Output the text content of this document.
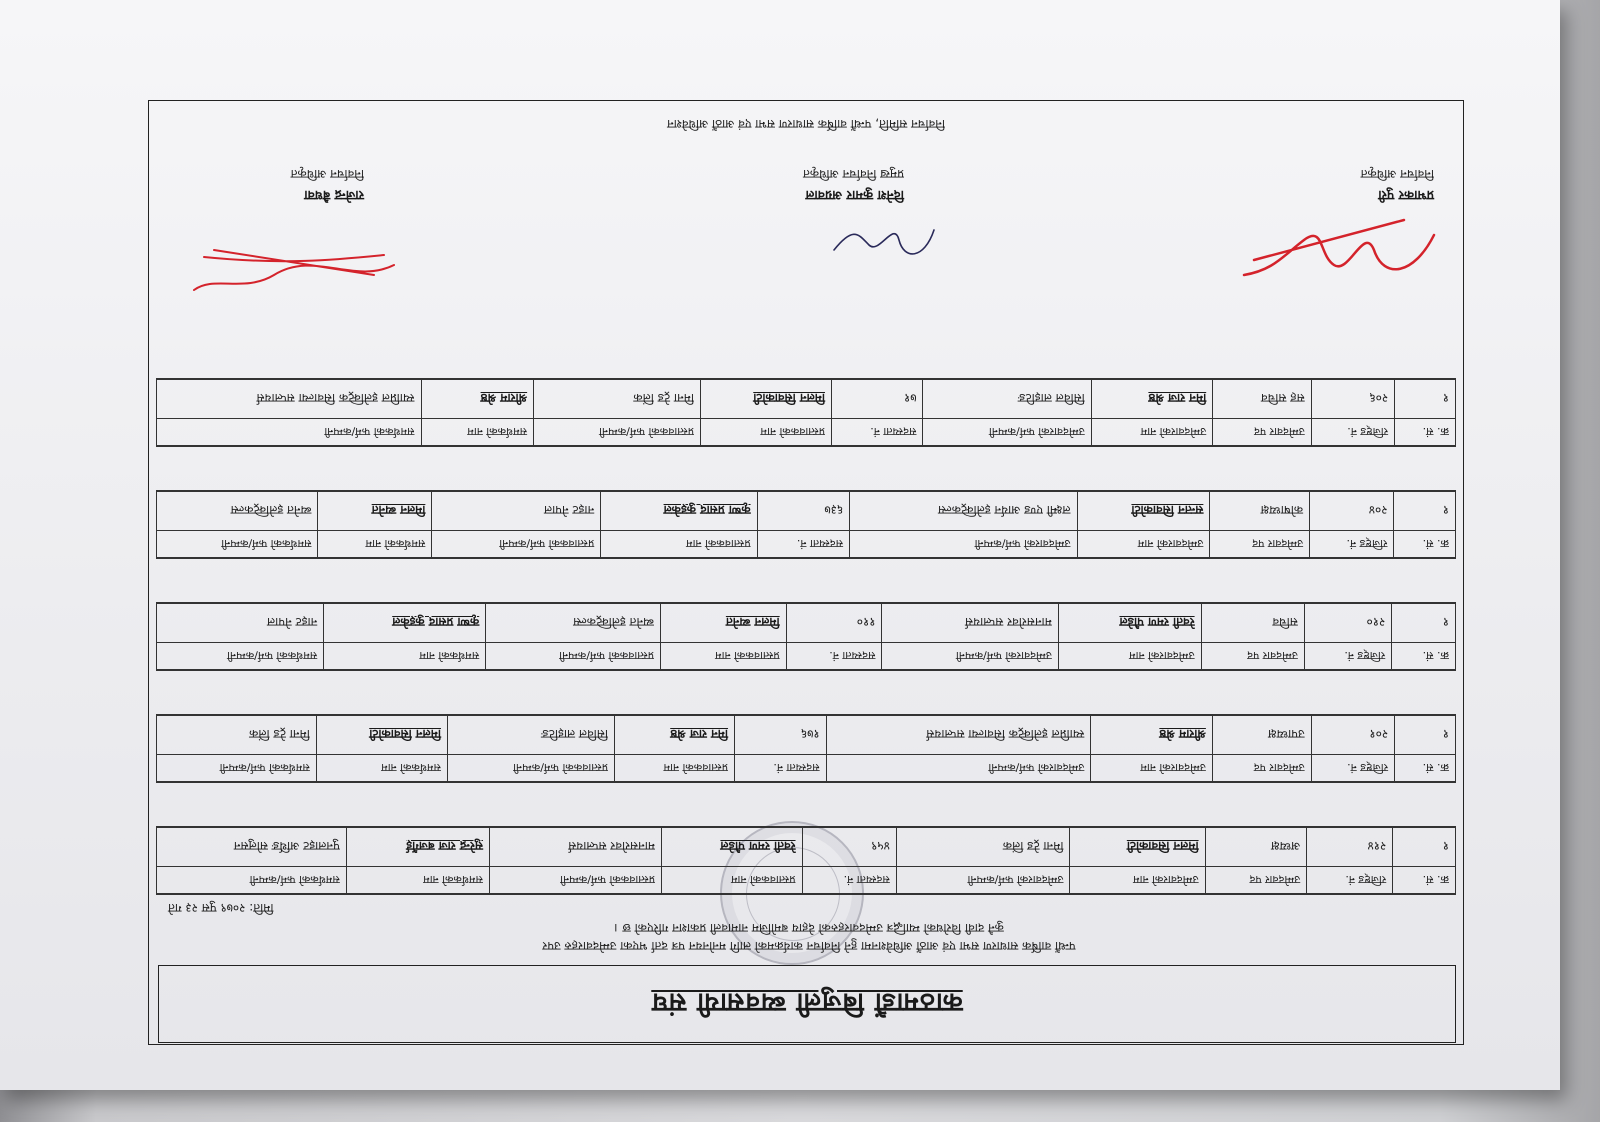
काठमाडौं बिजुली ब्यवसायी संघ
पन्धौं वार्षिक साधारण सभा एवं आठौं अधिवेशनमा हुने निर्वाचन कार्यक्रमको लागि मनोनयन पत्र दर्ता भएका उम्मेदवारहरु उपर
कुनै दावी विरोधको म्याद्भित्र उम्मेदवारहरुको देहाय बमोजिम नामावली प्रकाशन गरिएको छ ।
मिति: २०७९ पुस २३ गते
क्र. सं.	रजिष्ट्ड नं.	उम्मेदवार पद	उम्मेदवारको नाम	उम्मेदवारको फर्म/कम्पनी	सदस्यता नं.	प्रस्तावकको नाम	प्रस्तावकको फर्म/कम्पनी	समर्थकको नाम	समर्थकको फर्म/कम्पनी
१	२१४	अध्यक्ष	मिलन सिवाकोटी	मिना ट्रेड लिंक	४५९	रेवती रमण पौडेल	मानसरोवर सप्लायर्स	सुरेन्द्र राज बजगैंई	पुनलाइट अर्थिङ सोलुसन
क्र. सं.	रजिष्ट्ड नं.	उम्मेदवार पद	उम्मेदवारको नाम	उम्मेदवारको फर्म/कम्पनी	सदस्यता नं.	प्रस्तावकको नाम	प्रस्तावकको फर्म/कम्पनी	समर्थकको नाम	समर्थकको फर्म/कम्पनी
१	२०१	उपाध्यक्ष	श्रीराम श्रेष्ठ	स्याप्निल इलेक्ट्रिक सिवाल्या सप्लायर्स	१७६	मिन राज श्रेष्ठ	सिविल लाइटिङ	मिलन सिवाकोटी	मिना ट्रेड लिंक
क्र. सं.	रजिष्ट्ड नं.	उम्मेदवार पद	उम्मेदवारको नाम	उम्मेदवारको फर्म/कम्पनी	सदस्यता नं.	प्रस्तावकको नाम	प्रस्तावकको फर्म/कम्पनी	समर्थकको नाम	समर्थकको फर्म/कम्पनी
१	२१०	सचिव	रेवती रमण पौडेल	मानसरोवर सप्लायर्स	११०	मिलन ब्यनेत	ब्यनेत इलेक्ट्रिकल्स	कृष्ण प्रसाद कुइकेल	नाइट नेपाल
क्र. सं.	रजिष्ट्ड नं.	उम्मेदवार पद	उम्मेदवारको नाम	उम्मेदवारको फर्म/कम्पनी	सदस्यता नं.	प्रस्तावकको नाम	प्रस्तावकको फर्म/कम्पनी	समर्थकको नाम	समर्थकको फर्म/कम्पनी
१	२०४	कोषाध्यक्ष	सन्तन सिवाकोटी	लक्ष्मी एण्ड आर्यन इलेक्ट्रिकल्स	६३७	कृष्ण प्रसाद कुइकेल	नाइट नेपाल	मिलन ब्यनेत	ब्यनेत इलेक्ट्रिकल्स
क्र. सं.	रजिष्ट्ड नं.	उम्मेदवार पद	उम्मेदवारको नाम	उम्मेदवारको फर्म/कम्पनी	सदस्यता नं.	प्रस्तावकको नाम	प्रस्तावकको फर्म/कम्पनी	समर्थकको नाम	समर्थकको फर्म/कम्पनी
१	२०६	सह सचिव	मिन राज श्रेष्ठ	सिविल लाइटिङ	७१	मिलन सिवाकोटी	मिना ट्रेड लिंक	श्रीराम श्रेष्ठ	स्याप्निल इलेक्ट्रिक सिवाल्या सप्लायर्स
प्रभाकर पुरी
निर्वाचन अधिकृत
दिनेश कुमार अग्रवाल
प्रमुख निर्वाचन अधिकृत
राजेन्द्र बैधवा
निर्वाचन अधिकृत
निर्वाचन समिति, पन्धौं वार्षिक साधारण सभा एवं आठौं अधिवेशन
